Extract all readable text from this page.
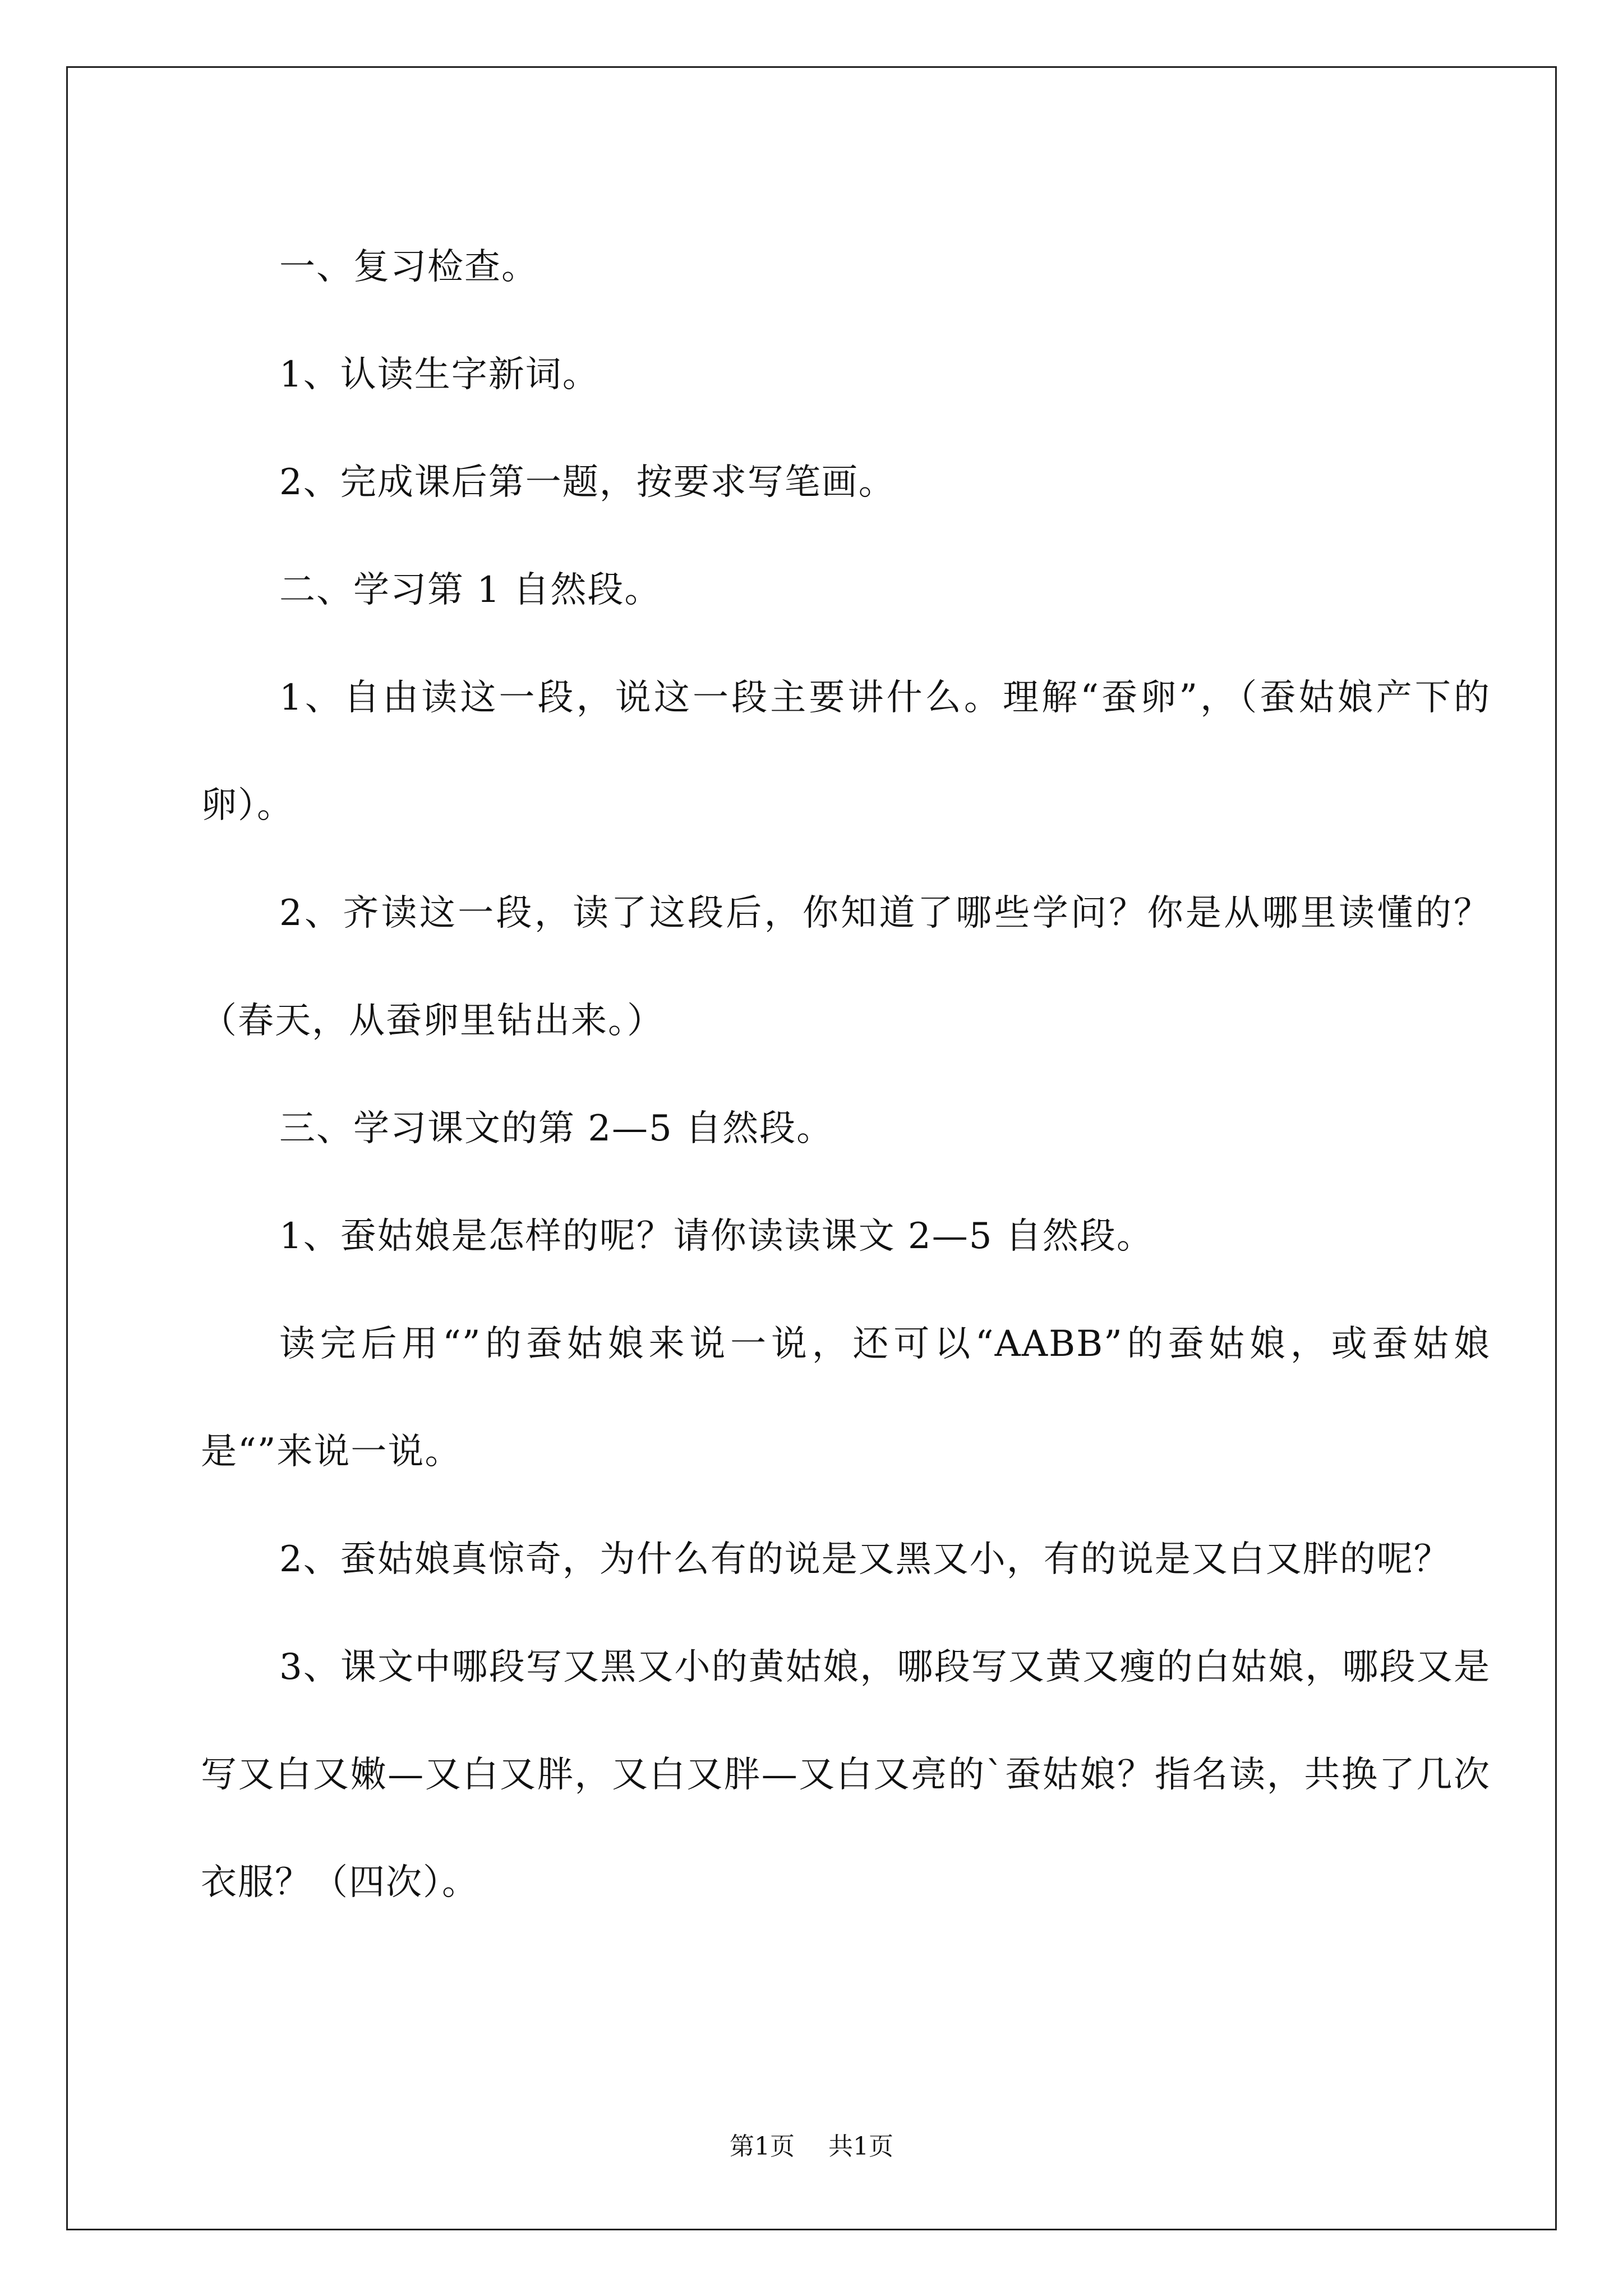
一、复习检查。

1、认读生字新词。

2、完成课后第一题，按要求写笔画。

二、学习第 1 自然段。

1、自由读这一段，说这一段主要讲什么。理解“蚕卵”，（蚕姑娘产下的卵）。

2、齐读这一段，读了这段后，你知道了哪些学问？你是从哪里读懂的？（春天，从蚕卵里钻出来。）

三、学习课文的第 2—5 自然段。

1、蚕姑娘是怎样的呢？请你读读课文 2—5 自然段。

读完后用“”的蚕姑娘来说一说，还可以“AABB”的蚕姑娘，或蚕姑娘是“”来说一说。

2、蚕姑娘真惊奇，为什么有的说是又黑又小，有的说是又白又胖的呢？

3、课文中哪段写又黑又小的黄姑娘，哪段写又黄又瘦的白姑娘，哪段又是写又白又嫩—又白又胖，又白又胖—又白又亮的`蚕姑娘？指名读，共换了几次衣服？（四次）。

第1页 共1页
